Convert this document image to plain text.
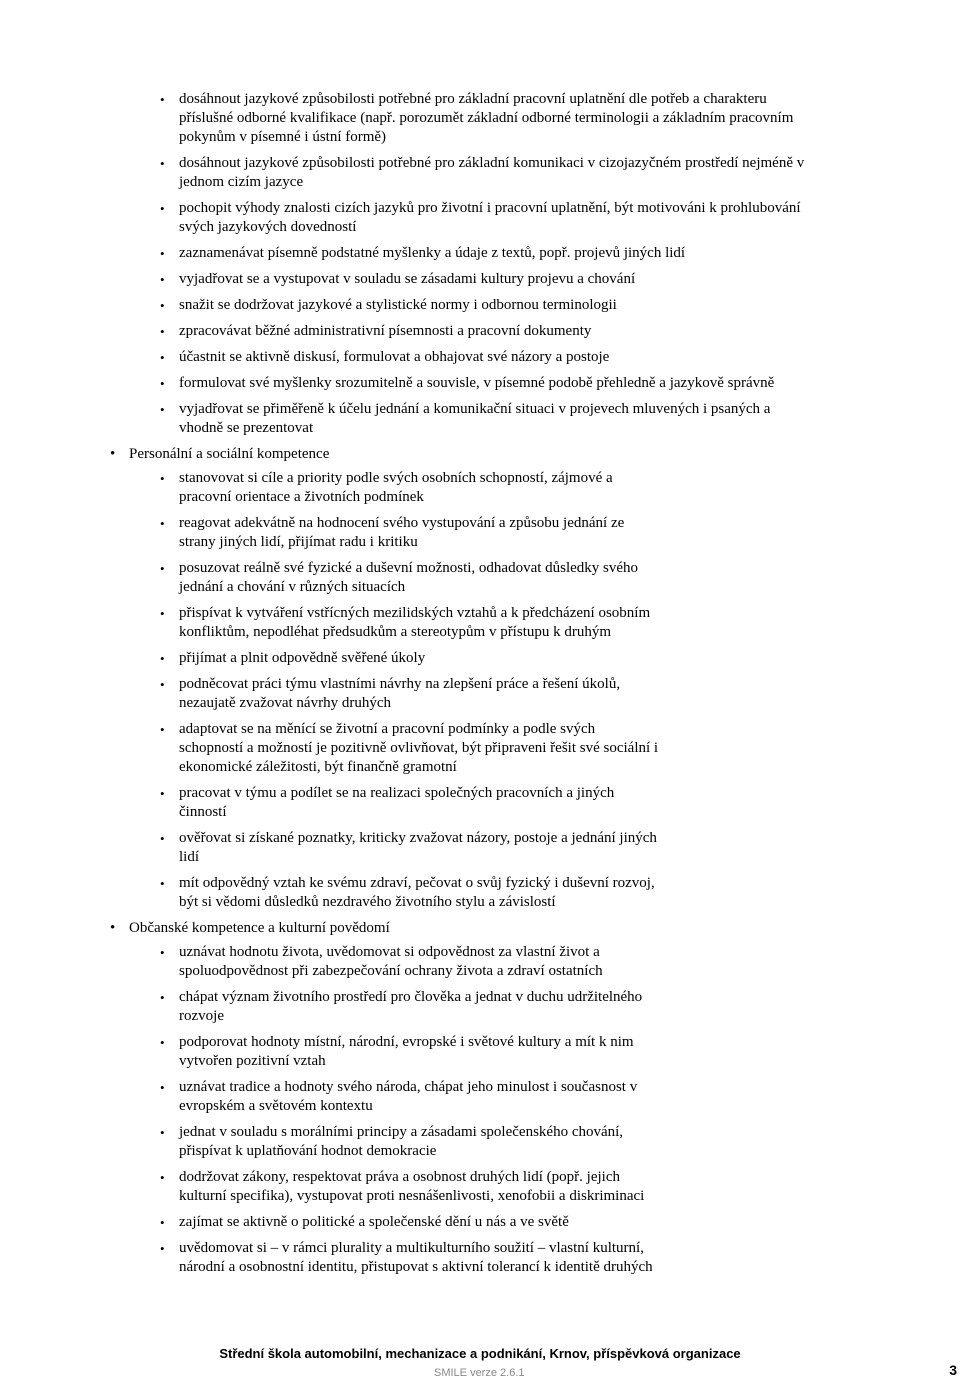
23-68- H/01 Mechanik opravář motorových vozidel 1,5 roku. - 2012
RVP 23-68-H/01 Mechanik opravář motorových vozidel
Profil absolventa
• dosáhnout jazykové způsobilosti potřebné pro základní pracovní uplatnění dle potřeb a charakteru příslušné odborné kvalifikace (např. porozumět základní odborné terminologii a základním pracovním pokynům v písemné i ústní formě)
• dosáhnout jazykové způsobilosti potřebné pro základní komunikaci v cizojazyčném prostředí nejméně v jednom cizím jazyce
• pochopit výhody znalosti cizích jazyků pro životní i pracovní uplatnění, být motivováni k prohlubování svých jazykových dovedností
• zaznamenávat písemně podstatné myšlenky a údaje z textů, popř. projevů jiných lidí
• vyjadřovat se a vystupovat v souladu se zásadami kultury projevu a chování
• snažit se dodržovat jazykové a stylistické normy i odbornou terminologii
• zpracovávat běžné administrativní písemnosti a pracovní dokumenty
• účastnit se aktivně diskusí, formulovat a obhajovat své názory a postoje
• formulovat své myšlenky srozumitelně a souvisle, v písemné podobě přehledně a jazykově správně
• vyjadřovat se přiměřeně k účelu jednání a komunikační situaci v projevech mluvených i psaných a vhodně se prezentovat
• Personální a sociální kompetence
• stanovovat si cíle a priority podle svých osobních schopností, zájmové a pracovní orientace a životních podmínek
• reagovat adekvátně na hodnocení svého vystupování a způsobu jednání ze strany jiných lidí, přijímat radu i kritiku
• posuzovat reálně své fyzické a duševní možnosti, odhadovat důsledky svého jednání a chování v různých situacích
• přispívat k vytváření vstřícných mezilidských vztahů a k předcházení osobním konfliktům, nepodléhat předsudkům a stereotypům v přístupu k druhým
• přijímat a plnit odpovědně svěřené úkoly
• podněcovat práci týmu vlastními návrhy na zlepšení práce a řešení úkolů, nezaujatě zvažovat návrhy druhých
• adaptovat se na měnící se životní a pracovní podmínky a podle svých schopností a možností je pozitivně ovlivňovat, být připraveni řešit své sociální i ekonomické záležitosti, být finančně gramotní
• pracovat v týmu a podílet se na realizaci společných pracovních a jiných činností
• ověřovat si získané poznatky, kriticky zvažovat názory, postoje a jednání jiných lidí
• mít odpovědný vztah ke svému zdraví, pečovat o svůj fyzický i duševní rozvoj, být si vědomi důsledků nezdravého životního stylu a závislostí
• Občanské kompetence a kulturní povědomí
• uznávat hodnotu života, uvědomovat si odpovědnost za vlastní život a spoluodpovědnost při zabezpečování ochrany života a zdraví ostatních
• chápat význam životního prostředí pro člověka a jednat v duchu udržitelného rozvoje
• podporovat hodnoty místní, národní, evropské i světové kultury a mít k nim vytvořen pozitivní vztah
• uznávat tradice a hodnoty svého národa, chápat jeho minulost i současnost v evropském a světovém kontextu
• jednat v souladu s morálními principy a zásadami společenského chování, přispívat k uplatňování hodnot demokracie
• dodržovat zákony, respektovat práva a osobnost druhých lidí (popř. jejich kulturní specifika), vystupovat proti nesnášenlivosti, xenofobii a diskriminaci
• zajímat se aktivně o politické a společenské dění u nás a ve světě
• uvědomovat si – v rámci plurality a multikulturního soužití – vlastní kulturní, národní a osobnostní identitu, přistupovat s aktivní tolerancí k identitě druhých
Střední škola automobilní, mechanizace a podnikání, Krnov, příspěvková organizace
SMILE verze 2.6.1	3
